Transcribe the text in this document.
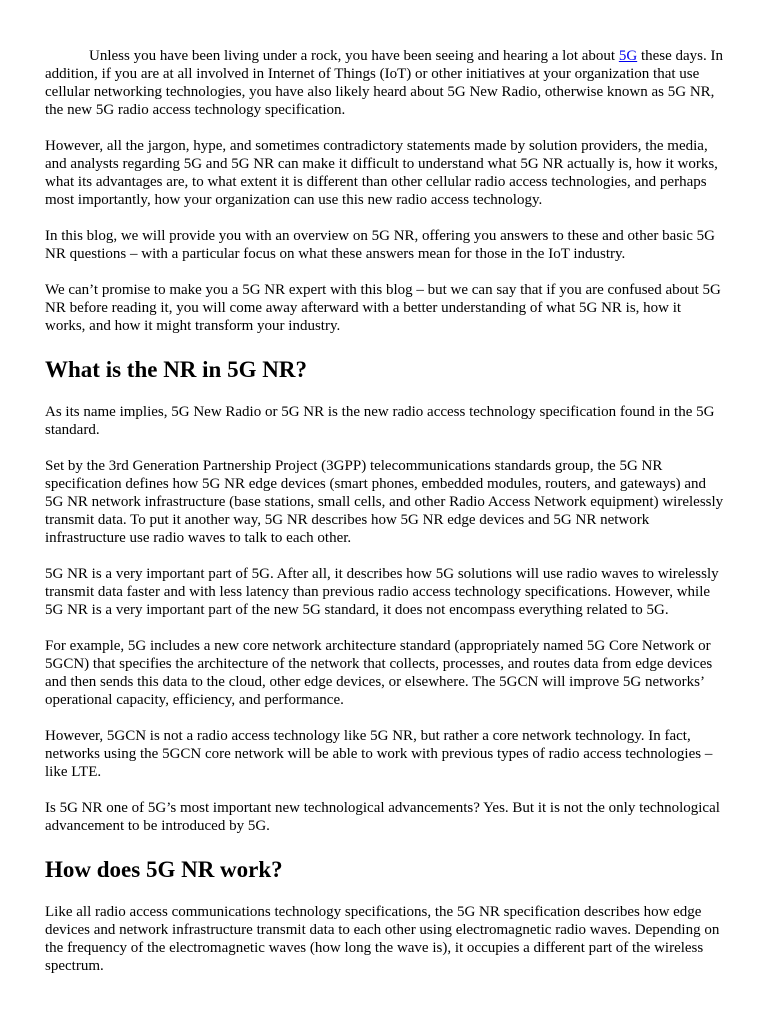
Unless you have been living under a rock, you have been seeing and hearing a lot about 5G these days. In addition, if you are at all involved in Internet of Things (IoT) or other initiatives at your organization that use cellular networking technologies, you have also likely heard about 5G New Radio, otherwise known as 5G NR, the new 5G radio access technology specification.

However, all the jargon, hype, and sometimes contradictory statements made by solution providers, the media, and analysts regarding 5G and 5G NR can make it difficult to understand what 5G NR actually is, how it works, what its advantages are, to what extent it is different than other cellular radio access technologies, and perhaps most importantly, how your organization can use this new radio access technology.

In this blog, we will provide you with an overview on 5G NR, offering you answers to these and other basic 5G NR questions – with a particular focus on what these answers mean for those in the IoT industry.

We can’t promise to make you a 5G NR expert with this blog – but we can say that if you are confused about 5G NR before reading it, you will come away afterward with a better understanding of what 5G NR is, how it works, and how it might transform your industry.

What is the NR in 5G NR?

As its name implies, 5G New Radio or 5G NR is the new radio access technology specification found in the 5G standard.

Set by the 3rd Generation Partnership Project (3GPP) telecommunications standards group, the 5G NR specification defines how 5G NR edge devices (smart phones, embedded modules, routers, and gateways) and 5G NR network infrastructure (base stations, small cells, and other Radio Access Network equipment) wirelessly transmit data. To put it another way, 5G NR describes how 5G NR edge devices and 5G NR network infrastructure use radio waves to talk to each other.

5G NR is a very important part of 5G. After all, it describes how 5G solutions will use radio waves to wirelessly transmit data faster and with less latency than previous radio access technology specifications. However, while 5G NR is a very important part of the new 5G standard, it does not encompass everything related to 5G.

For example, 5G includes a new core network architecture standard (appropriately named 5G Core Network or 5GCN) that specifies the architecture of the network that collects, processes, and routes data from edge devices and then sends this data to the cloud, other edge devices, or elsewhere. The 5GCN will improve 5G networks’ operational capacity, efficiency, and performance.

However, 5GCN is not a radio access technology like 5G NR, but rather a core network technology. In fact, networks using the 5GCN core network will be able to work with previous types of radio access technologies – like LTE.

Is 5G NR one of 5G’s most important new technological advancements? Yes. But it is not the only technological advancement to be introduced by 5G.

How does 5G NR work?

Like all radio access communications technology specifications, the 5G NR specification describes how edge devices and network infrastructure transmit data to each other using electromagnetic radio waves. Depending on the frequency of the electromagnetic waves (how long the wave is), it occupies a different part of the wireless spectrum.
